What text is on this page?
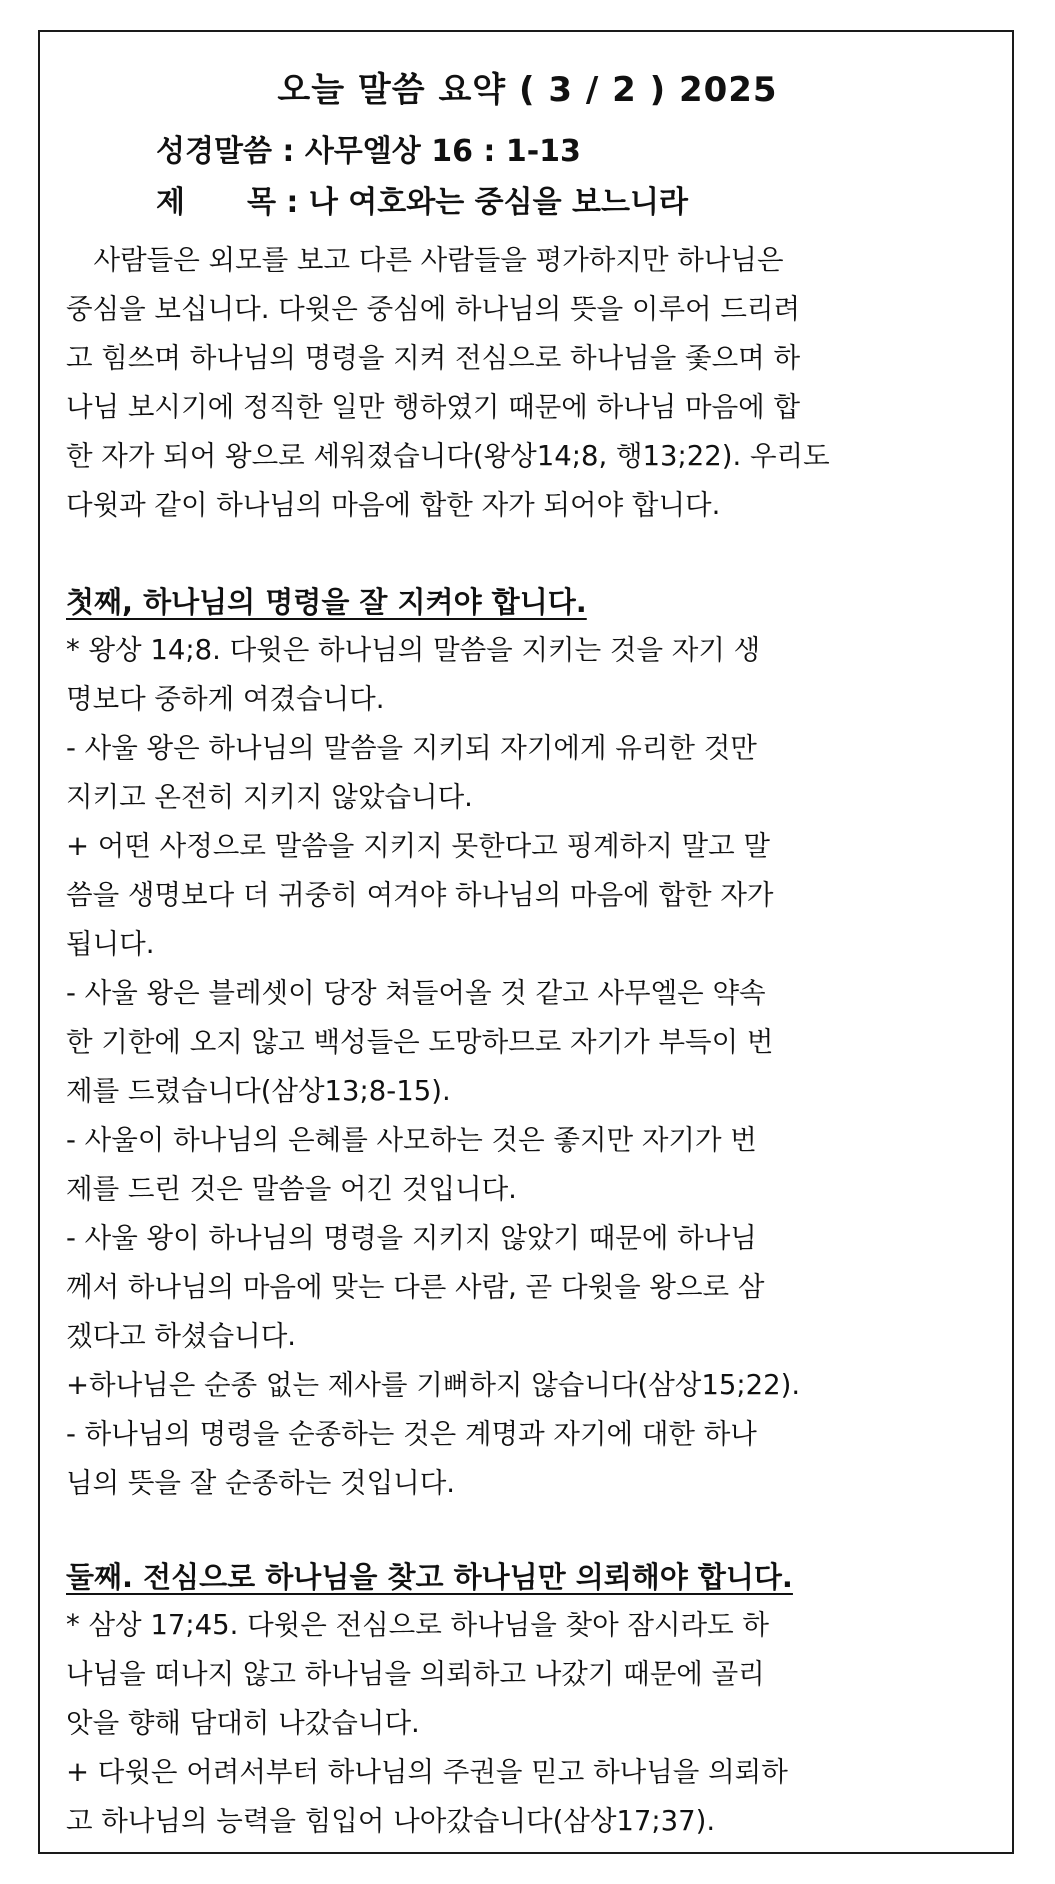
오늘 말씀 요약 ( 3 / 2 ) 2025
성경말씀 : 사무엘상 16 : 1-13
제 목 : 나 여호와는 중심을 보느니라
　사람들은 외모를 보고 다른 사람들을 평가하지만 하나님은
중심을 보십니다. 다윗은 중심에 하나님의 뜻을 이루어 드리려
고 힘쓰며 하나님의 명령을 지켜 전심으로 하나님을 좇으며 하
나님 보시기에 정직한 일만 행하였기 때문에 하나님 마음에 합
한 자가 되어 왕으로 세워졌습니다(왕상14;8, 행13;22). 우리도
다윗과 같이 하나님의 마음에 합한 자가 되어야 합니다.
첫째, 하나님의 명령을 잘 지켜야 합니다.
* 왕상 14;8. 다윗은 하나님의 말씀을 지키는 것을 자기 생
명보다 중하게 여겼습니다.
- 사울 왕은 하나님의 말씀을 지키되 자기에게 유리한 것만
지키고 온전히 지키지 않았습니다.
+ 어떤 사정으로 말씀을 지키지 못한다고 핑계하지 말고 말
씀을 생명보다 더 귀중히 여겨야 하나님의 마음에 합한 자가
됩니다.
- 사울 왕은 블레셋이 당장 쳐들어올 것 같고 사무엘은 약속
한 기한에 오지 않고 백성들은 도망하므로 자기가 부득이 번
제를 드렸습니다(삼상13;8-15).
- 사울이 하나님의 은혜를 사모하는 것은 좋지만 자기가 번
제를 드린 것은 말씀을 어긴 것입니다.
- 사울 왕이 하나님의 명령을 지키지 않았기 때문에 하나님
께서 하나님의 마음에 맞는 다른 사람, 곧 다윗을 왕으로 삼
겠다고 하셨습니다.
+하나님은 순종 없는 제사를 기뻐하지 않습니다(삼상15;22).
- 하나님의 명령을 순종하는 것은 계명과 자기에 대한 하나
님의 뜻을 잘 순종하는 것입니다.
둘째. 전심으로 하나님을 찾고 하나님만 의뢰해야 합니다.
* 삼상 17;45. 다윗은 전심으로 하나님을 찾아 잠시라도 하
나님을 떠나지 않고 하나님을 의뢰하고 나갔기 때문에 골리
앗을 향해 담대히 나갔습니다.
+ 다윗은 어려서부터 하나님의 주권을 믿고 하나님을 의뢰하
고 하나님의 능력을 힘입어 나아갔습니다(삼상17;37).
